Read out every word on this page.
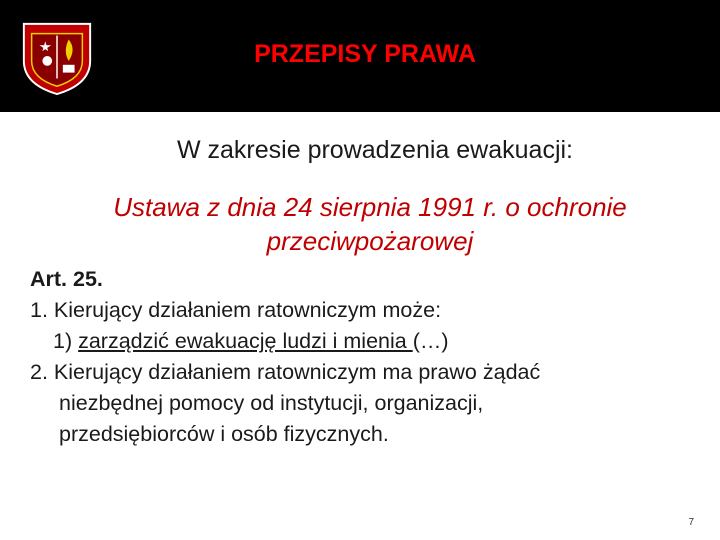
PRZEPISY PRAWA
W zakresie prowadzenia ewakuacji:
Ustawa z dnia 24 sierpnia 1991 r. o ochronie przeciwpożarowej
Art. 25.
1. Kierujący działaniem ratowniczym może:
1) zarządzić ewakuację ludzi i mienia (…)
2. Kierujący działaniem ratowniczym ma prawo żądać
niezbędnej pomocy od instytucji, organizacji,
przedsiębiorców i osób fizycznych.
7
